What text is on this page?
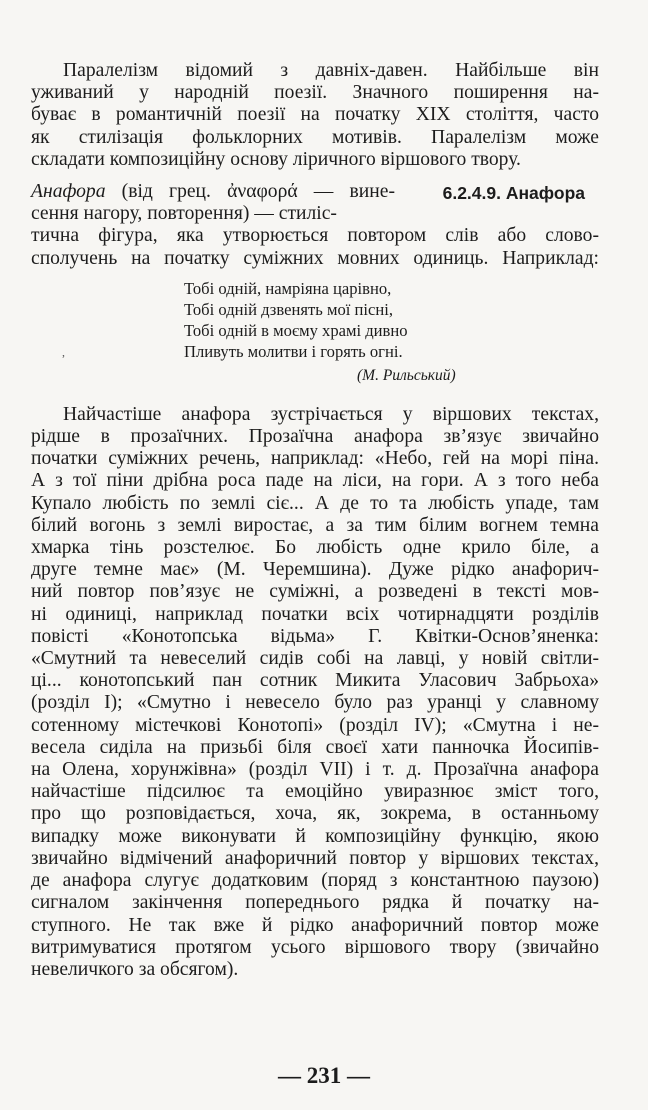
Паралелізм відомий з давніх-давен. Найбільше він
уживаний у народній поезії. Значного поширення на-
буває в романтичній поезії на початку XIX століття, часто
як стилізація фольклорних мотивів. Паралелізм може
складати композиційну основу ліричного віршового твору.
6.2.4.9. Анафора
Анафора (від грец. ἀναφορά — вине-
сення нагору, повторення) — стиліс-
тична фігура, яка утворюється повтором слів або слово-
сполучень на початку суміжних мовних одиниць. Наприклад:
Тобі одній, намріяна царівно,
Тобі одній дзвенять мої пісні,
Тобі одній в моєму храмі дивно
Пливуть молитви і горять огні.
(М. Рильський)
Найчастіше анафора зустрічається у віршових текстах,
рідше в прозаїчних. Прозаїчна анафора зв’язує звичайно
початки суміжних речень, наприклад: «Небо, гей на морі піна.
А з тої піни дрібна роса паде на ліси, на гори. А з того неба
Купало любість по землі сіє... А де то та любість упаде, там
білий вогонь з землі виростає, а за тим білим вогнем темна
хмарка тінь розстелює. Бо любість одне крило біле, а
друге темне має» (М. Черемшина). Дуже рідко анафорич-
ний повтор пов’язує не суміжні, а розведені в тексті мов-
ні одиниці, наприклад початки всіх чотирнадцяти розділів
повісті «Конотопська відьма» Г. Квітки-Основ’яненка:
«Смутний та невеселий сидів собі на лавці, у новій світли-
ці... конотопський пан сотник Микита Уласович Забрьоха»
(розділ І); «Смутно і невесело було раз уранці у славному
сотенному містечкові Конотопі» (розділ IV); «Смутна і не-
весела сиділа на призьбі біля своєї хати панночка Йосипів-
на Олена, хорунжівна» (розділ VII) і т. д. Прозаїчна анафора
найчастіше підсилює та емоційно увиразнює зміст того,
про що розповідається, хоча, як, зокрема, в останньому
випадку може виконувати й композиційну функцію, якою
звичайно відмічений анафоричний повтор у віршових текстах,
де анафора слугує додатковим (поряд з константною паузою)
сигналом закінчення попереднього рядка й початку на-
ступного. Не так вже й рідко анафоричний повтор може
витримуватися протягом усього віршового твору (звичайно
невеличкого за обсягом).
,
— 231 —
